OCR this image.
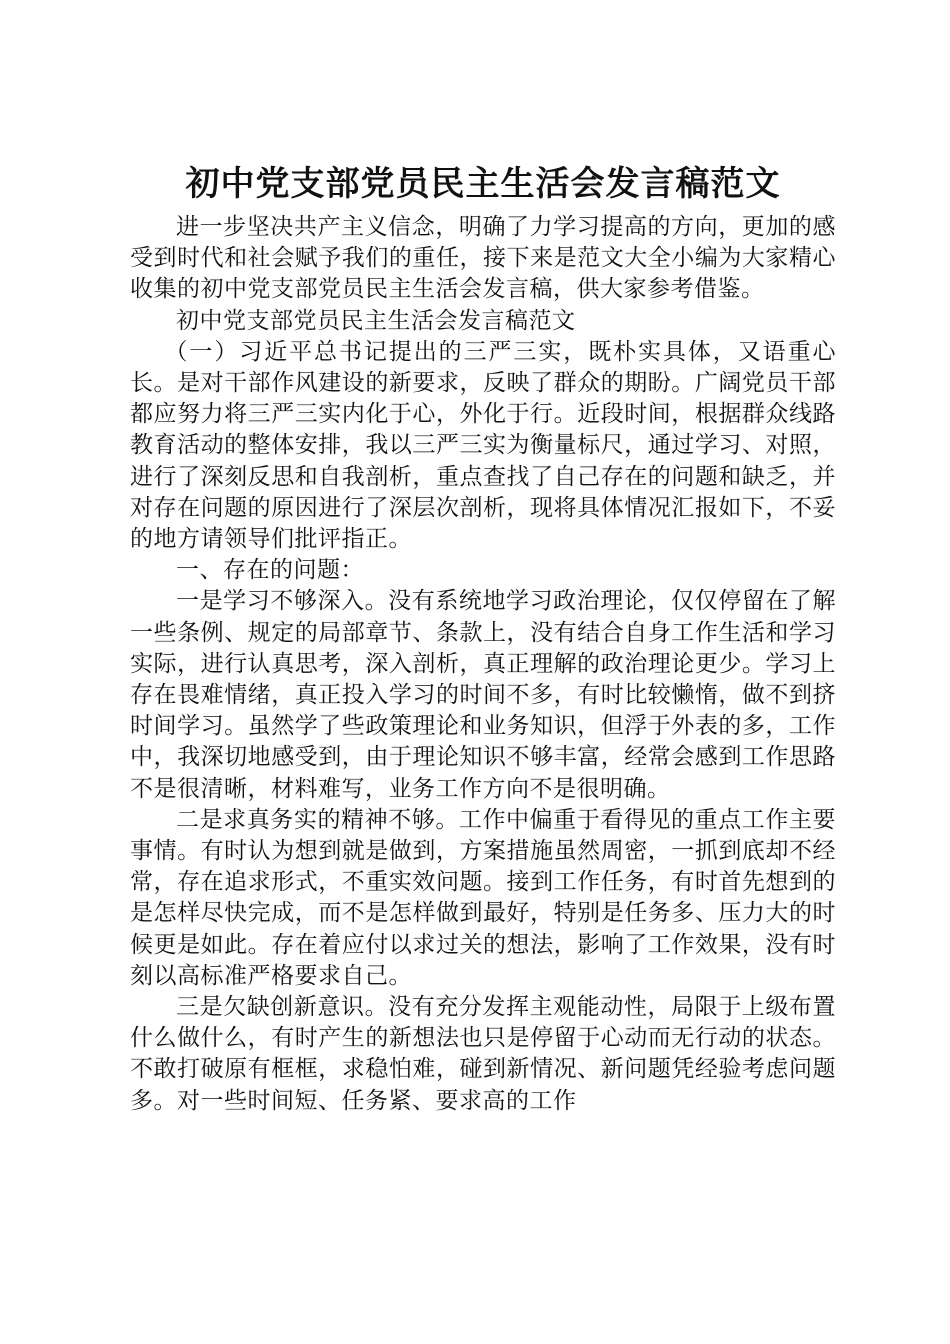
初中党支部党员民主生活会发言稿范文

进一步坚决共产主义信念，明确了力学习提高的方向，更加的感受到时代和社会赋予我们的重任，接下来是范文大全小编为大家精心收集的初中党支部党员民主生活会发言稿，供大家参考借鉴。

初中党支部党员民主生活会发言稿范文

（一）习近平总书记提出的三严三实，既朴实具体，又语重心长。是对干部作风建设的新要求，反映了群众的期盼。广阔党员干部都应努力将三严三实内化于心，外化于行。近段时间，根据群众线路教育活动的整体安排，我以三严三实为衡量标尺，通过学习、对照，进行了深刻反思和自我剖析，重点查找了自己存在的问题和缺乏，并对存在问题的原因进行了深层次剖析，现将具体情况汇报如下，不妥的地方请领导们批评指正。

一、存在的问题：

一是学习不够深入。没有系统地学习政治理论，仅仅停留在了解一些条例、规定的局部章节、条款上，没有结合自身工作生活和学习实际，进行认真思考，深入剖析，真正理解的政治理论更少。学习上存在畏难情绪，真正投入学习的时间不多，有时比较懒惰，做不到挤时间学习。虽然学了些政策理论和业务知识，但浮于外表的多，工作中，我深切地感受到，由于理论知识不够丰富，经常会感到工作思路不是很清晰，材料难写，业务工作方向不是很明确。

二是求真务实的精神不够。工作中偏重于看得见的重点工作主要事情。有时认为想到就是做到，方案措施虽然周密，一抓到底却不经常，存在追求形式，不重实效问题。接到工作任务，有时首先想到的是怎样尽快完成，而不是怎样做到最好，特别是任务多、压力大的时候更是如此。存在着应付以求过关的想法，影响了工作效果，没有时刻以高标准严格要求自己。

三是欠缺创新意识。没有充分发挥主观能动性，局限于上级布置什么做什么，有时产生的新想法也只是停留于心动而无行动的状态。不敢打破原有框框，求稳怕难，碰到新情况、新问题凭经验考虑问题多。对一些时间短、任务紧、要求高的工作
